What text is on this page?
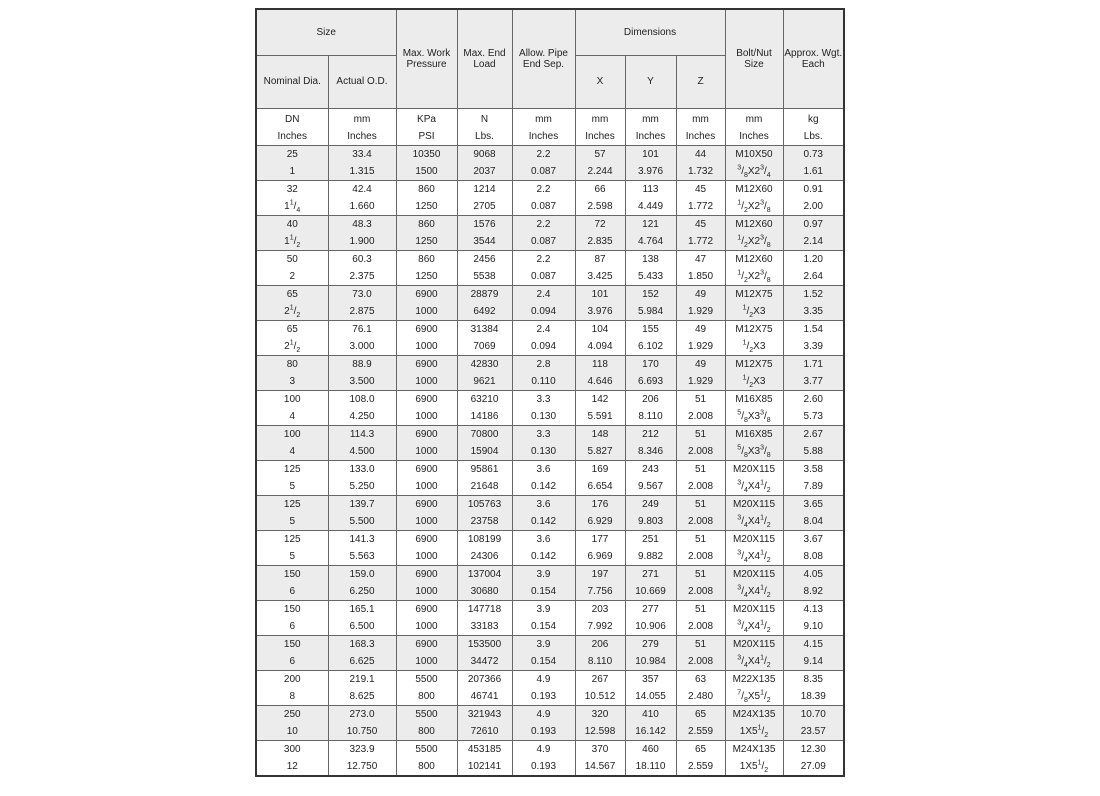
Size		Max. Work Pressure	Max. End Load	Allow. Pipe End Sep.	Dimensions			Bolt/Nut Size	Approx. Wgt. Each
Nominal Dia.	Actual O.D.				X	Y	Z		
DN	mm	KPa	N	mm	mm	mm	mm	mm	kg
Inches	Inches	PSI	Lbs.	Inches	Inches	Inches	Inches	Inches	Lbs.
25	33.4	10350	9068	2.2	57	101	44	M10X50	0.73
1	1.315	1500	2037	0.087	2.244	3.976	1.732	$^3/_8X2^3/_4$	1.61
32	42.4	860	1214	2.2	66	113	45	M12X60	0.91
$1^1/_4$	1.660	1250	2705	0.087	2.598	4.449	1.772	$^1/_2X2^3/_8$	2.00
40	48.3	860	1576	2.2	72	121	45	M12X60	0.97
$1^1/_2$	1.900	1250	3544	0.087	2.835	4.764	1.772	$^1/_2X2^3/_8$	2.14
50	60.3	860	2456	2.2	87	138	47	M12X60	1.20
2	2.375	1250	5538	0.087	3.425	5.433	1.850	$^1/_2X2^3/_8$	2.64
65	73.0	6900	28879	2.4	101	152	49	M12X75	1.52
$2^1/_2$	2.875	1000	6492	0.094	3.976	5.984	1.929	$^1/_2X3$	3.35
65	76.1	6900	31384	2.4	104	155	49	M12X75	1.54
$2^1/_2$	3.000	1000	7069	0.094	4.094	6.102	1.929	$^1/_2X3$	3.39
80	88.9	6900	42830	2.8	118	170	49	M12X75	1.71
3	3.500	1000	9621	0.110	4.646	6.693	1.929	$^1/_2X3$	3.77
100	108.0	6900	63210	3.3	142	206	51	M16X85	2.60
4	4.250	1000	14186	0.130	5.591	8.110	2.008	$^5/_8X3^3/_8$	5.73
100	114.3	6900	70800	3.3	148	212	51	M16X85	2.67
4	4.500	1000	15904	0.130	5.827	8.346	2.008	$^5/_8X3^3/_8$	5.88
125	133.0	6900	95861	3.6	169	243	51	M20X115	3.58
5	5.250	1000	21648	0.142	6.654	9.567	2.008	$^3/_4X4^1/_2$	7.89
125	139.7	6900	105763	3.6	176	249	51	M20X115	3.65
5	5.500	1000	23758	0.142	6.929	9.803	2.008	$^3/_4X4^1/_2$	8.04
125	141.3	6900	108199	3.6	177	251	51	M20X115	3.67
5	5.563	1000	24306	0.142	6.969	9.882	2.008	$^3/_4X4^1/_2$	8.08
150	159.0	6900	137004	3.9	197	271	51	M20X115	4.05
6	6.250	1000	30680	0.154	7.756	10.669	2.008	$^3/_4X4^1/_2$	8.92
150	165.1	6900	147718	3.9	203	277	51	M20X115	4.13
6	6.500	1000	33183	0.154	7.992	10.906	2.008	$^3/_4X4^1/_2$	9.10
150	168.3	6900	153500	3.9	206	279	51	M20X115	4.15
6	6.625	1000	34472	0.154	8.110	10.984	2.008	$^3/_4X4^1/_2$	9.14
200	219.1	5500	207366	4.9	267	357	63	M22X135	8.35
8	8.625	800	46741	0.193	10.512	14.055	2.480	$^7/_8X5^1/_2$	18.39
250	273.0	5500	321943	4.9	320	410	65	M24X135	10.70
10	10.750	800	72610	0.193	12.598	16.142	2.559	$1X5^1/_2$	23.57
300	323.9	5500	453185	4.9	370	460	65	M24X135	12.30
12	12.750	800	102141	0.193	14.567	18.110	2.559	$1X5^1/_2$	27.09
